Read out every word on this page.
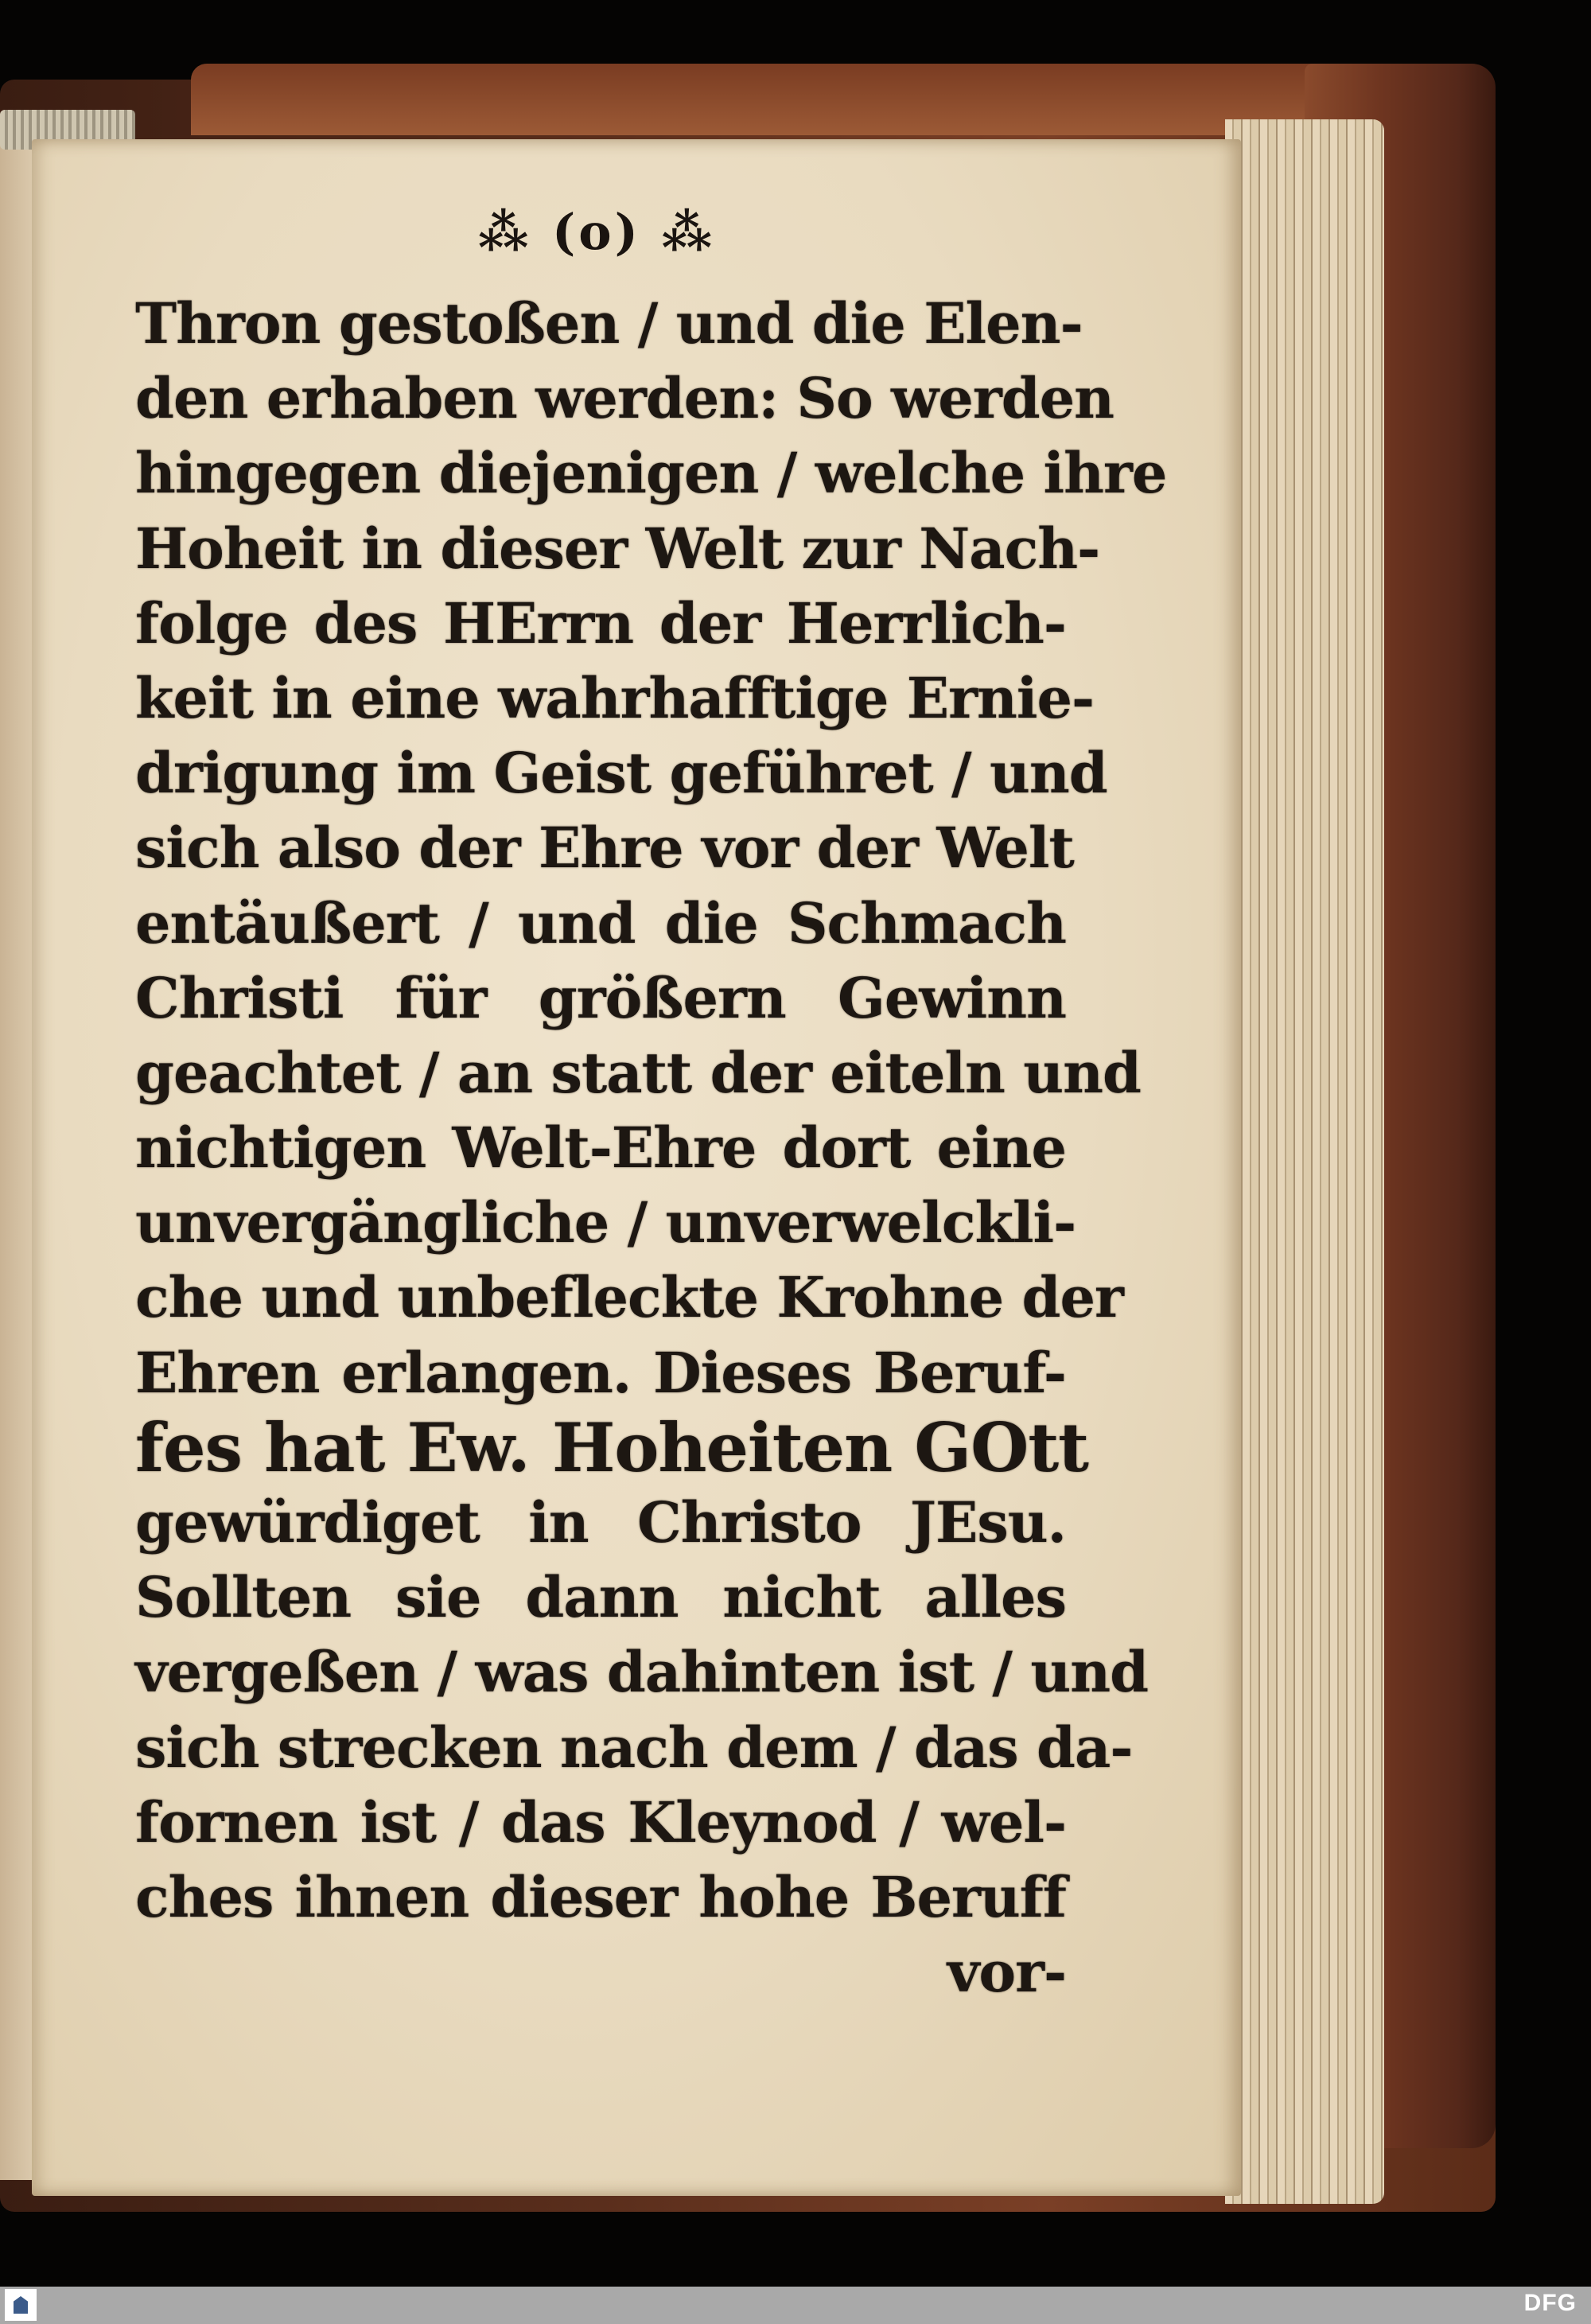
⁂ (o) ⁂
Thron gestoßen / und die Elen-
den erhaben werden: So werden
hingegen diejenigen / welche ihre
Hoheit in dieser Welt zur Nach-
folge des HErrn der Herrlich-
keit in eine wahrhafftige Ernie-
drigung im Geist geführet / und
sich also der Ehre vor der Welt
entäußert / und die Schmach
Christi für größern Gewinn
geachtet / an statt der eiteln und
nichtigen Welt-Ehre dort eine
unvergängliche / unverwelckli-
che und unbefleckte Krohne der
Ehren erlangen. Dieses Beruf-
fes hat Ew. Hoheiten GOtt
gewürdiget in Christo JEsu.
Sollten sie dann nicht alles
vergeßen / was dahinten ist / und
sich strecken nach dem / das da-
fornen ist / das Kleynod / wel-
ches ihnen dieser hohe Beruff
vor-
DFG
